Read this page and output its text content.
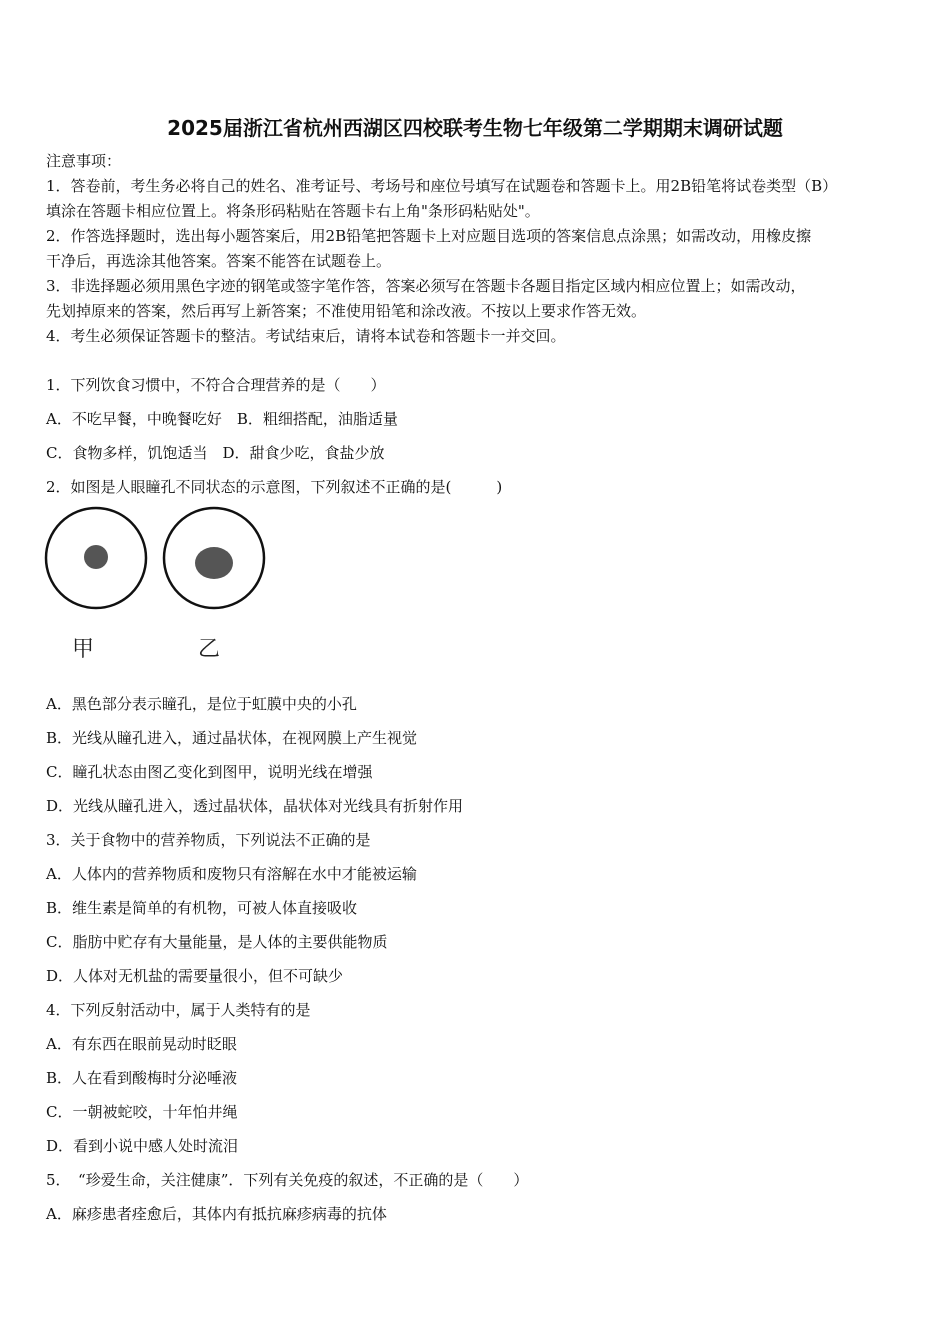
2025届浙江省杭州西湖区四校联考生物七年级第二学期期末调研试题
注意事项：
1．答卷前，考生务必将自己的姓名、准考证号、考场号和座位号填写在试题卷和答题卡上。用2B铅笔将试卷类型（B）
填涂在答题卡相应位置上。将条形码粘贴在答题卡右上角"条形码粘贴处"。
2．作答选择题时，选出每小题答案后，用2B铅笔把答题卡上对应题目选项的答案信息点涂黑；如需改动，用橡皮擦
干净后，再选涂其他答案。答案不能答在试题卷上。
3．非选择题必须用黑色字迹的钢笔或签字笔作答，答案必须写在答题卡各题目指定区域内相应位置上；如需改动，
先划掉原来的答案，然后再写上新答案；不准使用铅笔和涂改液。不按以上要求作答无效。
4．考生必须保证答题卡的整洁。考试结束后，请将本试卷和答题卡一并交回。
1．下列饮食习惯中，不符合合理营养的是（　　）
A．不吃早餐，中晚餐吃好　B．粗细搭配，油脂适量
C．食物多样，饥饱适当　D．甜食少吃，食盐少放
2．如图是人眼瞳孔不同状态的示意图，下列叙述不正确的是(　　　)
甲	乙
A．黑色部分表示瞳孔，是位于虹膜中央的小孔
B．光线从瞳孔进入，通过晶状体，在视网膜上产生视觉
C．瞳孔状态由图乙变化到图甲，说明光线在增强
D．光线从瞳孔进入，透过晶状体，晶状体对光线具有折射作用
3．关于食物中的营养物质，下列说法不正确的是
A．人体内的营养物质和废物只有溶解在水中才能被运输
B．维生素是简单的有机物，可被人体直接吸收
C．脂肪中贮存有大量能量，是人体的主要供能物质
D．人体对无机盐的需要量很小，但不可缺少
4．下列反射活动中，属于人类特有的是
A．有东西在眼前晃动时眨眼
B．人在看到酸梅时分泌唾液
C．一朝被蛇咬，十年怕井绳
D．看到小说中感人处时流泪
5．　“珍爱生命，关注健康”．下列有关免疫的叙述，不正确的是（　　）
A．麻疹患者痊愈后，其体内有抵抗麻疹病毒的抗体
